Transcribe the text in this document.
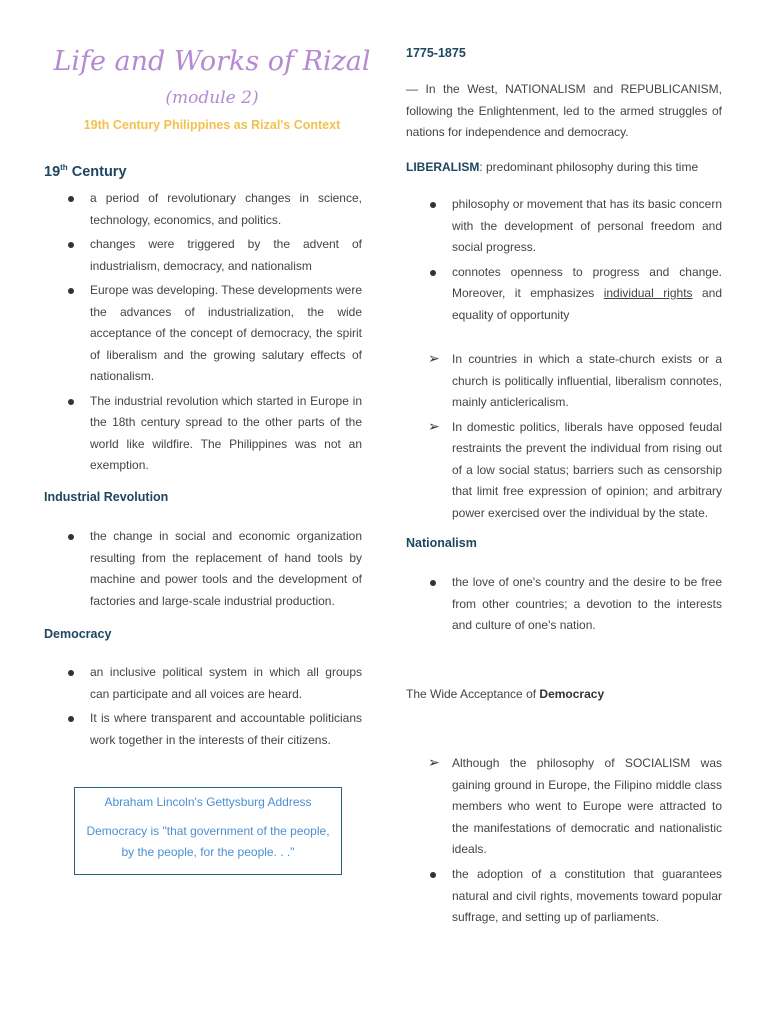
Life and Works of Rizal
(module 2)
19th Century Philippines as Rizal's Context
19th Century
a period of revolutionary changes in science, technology, economics, and politics.
changes were triggered by the advent of industrialism, democracy, and nationalism
Europe was developing. These developments were the advances of industrialization, the wide acceptance of the concept of democracy, the spirit of liberalism and the growing salutary effects of nationalism.
The industrial revolution which started in Europe in the 18th century spread to the other parts of the world like wildfire. The Philippines was not an exemption.
Industrial Revolution
the change in social and economic organization resulting from the replacement of hand tools by machine and power tools and the development of factories and large-scale industrial production.
Democracy
an inclusive political system in which all groups can participate and all voices are heard.
It is where transparent and accountable politicians work together in the interests of their citizens.
Abraham Lincoln's Gettysburg Address
Democracy is "that government of the people, by the people, for the people. . ."
1775-1875
— In the West, NATIONALISM and REPUBLICANISM, following the Enlightenment, led to the armed struggles of nations for independence and democracy.
LIBERALISM: predominant philosophy during this time
philosophy or movement that has its basic concern with the development of personal freedom and social progress.
connotes openness to progress and change. Moreover, it emphasizes individual rights and equality of opportunity
➢ In countries in which a state-church exists or a church is politically influential, liberalism connotes, mainly anticlericalism.
➢ In domestic politics, liberals have opposed feudal restraints the prevent the individual from rising out of a low social status; barriers such as censorship that limit free expression of opinion; and arbitrary power exercised over the individual by the state.
Nationalism
the love of one's country and the desire to be free from other countries; a devotion to the interests and culture of one's nation.
The Wide Acceptance of Democracy
➢ Although the philosophy of SOCIALISM was gaining ground in Europe, the Filipino middle class members who went to Europe were attracted to the manifestations of democratic and nationalistic ideals.
the adoption of a constitution that guarantees natural and civil rights, movements toward popular suffrage, and setting up of parliaments.
